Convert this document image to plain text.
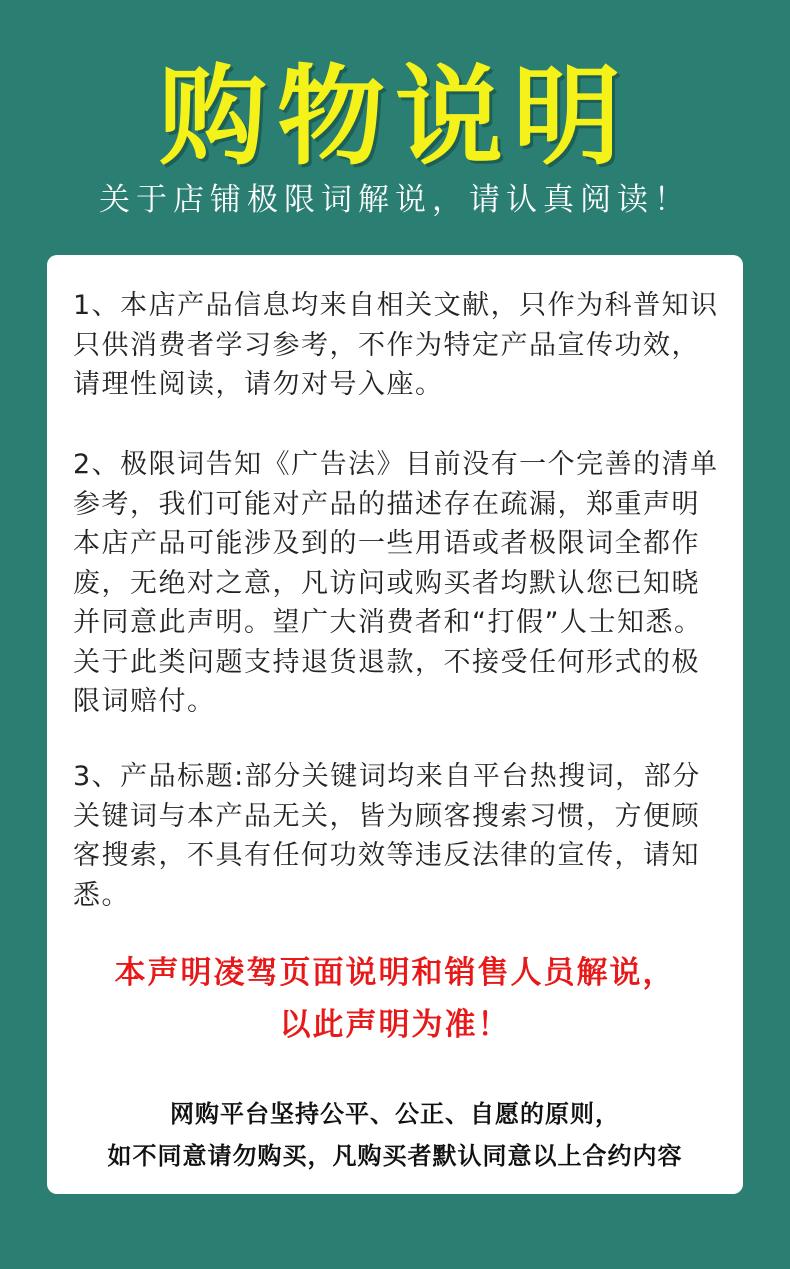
购物说明
关于店铺极限词解说，请认真阅读！

1、本店产品信息均来自相关文献，只作为科普知识只供消费者学习参考，不作为特定产品宣传功效，请理性阅读，请勿对号入座。

2、极限词告知《广告法》目前没有一个完善的清单参考，我们可能对产品的描述存在疏漏，郑重声明本店产品可能涉及到的一些用语或者极限词全都作废，无绝对之意，凡访问或购买者均默认您已知晓并同意此声明。望广大消费者和“打假”人士知悉。关于此类问题支持退货退款，不接受任何形式的极限词赔付。

3、产品标题:部分关键词均来自平台热搜词，部分关键词与本产品无关，皆为顾客搜索习惯，方便顾客搜索，不具有任何功效等违反法律的宣传，请知悉。

本声明凌驾页面说明和销售人员解说，
以此声明为准！
网购平台坚持公平、公正、自愿的原则，
如不同意请勿购买，凡购买者默认同意以上合约内容
